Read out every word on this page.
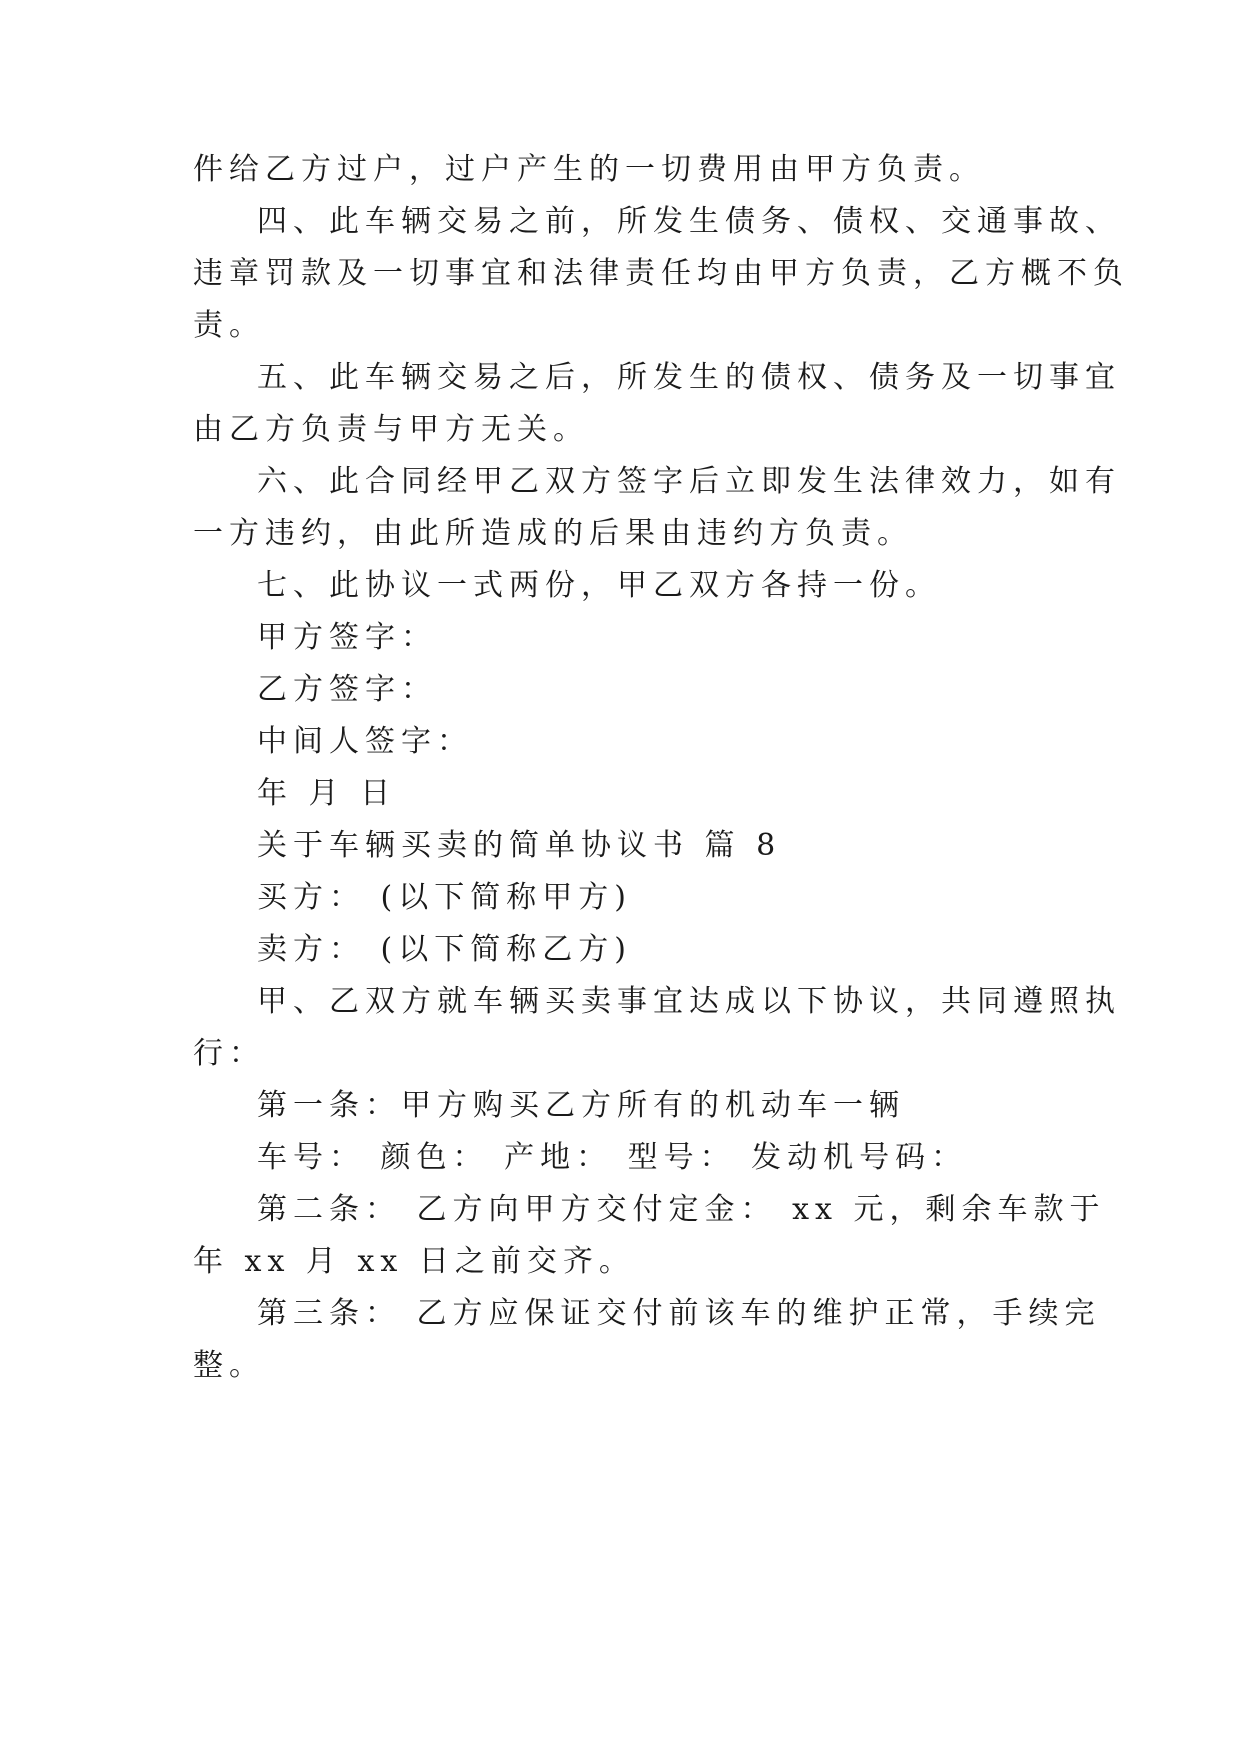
件给乙方过户，过户产生的一切费用由甲方负责。
四、此车辆交易之前，所发生债务、债权、交通事故、
违章罚款及一切事宜和法律责任均由甲方负责，乙方概不负
责。
五、此车辆交易之后，所发生的债权、债务及一切事宜
由乙方负责与甲方无关。
六、此合同经甲乙双方签字后立即发生法律效力，如有
一方违约，由此所造成的后果由违约方负责。
七、此协议一式两份，甲乙双方各持一份。
甲方签字：
乙方签字：
中间人签字：
年 月 日
关于车辆买卖的简单协议书 篇 8
买方： (以下简称甲方)
卖方： (以下简称乙方)
甲、乙双方就车辆买卖事宜达成以下协议，共同遵照执
行：
第一条：甲方购买乙方所有的机动车一辆
车号： 颜色： 产地： 型号： 发动机号码：
第二条： 乙方向甲方交付定金： xx 元，剩余车款于
年 xx 月 xx 日之前交齐。
第三条： 乙方应保证交付前该车的维护正常，手续完
整。
